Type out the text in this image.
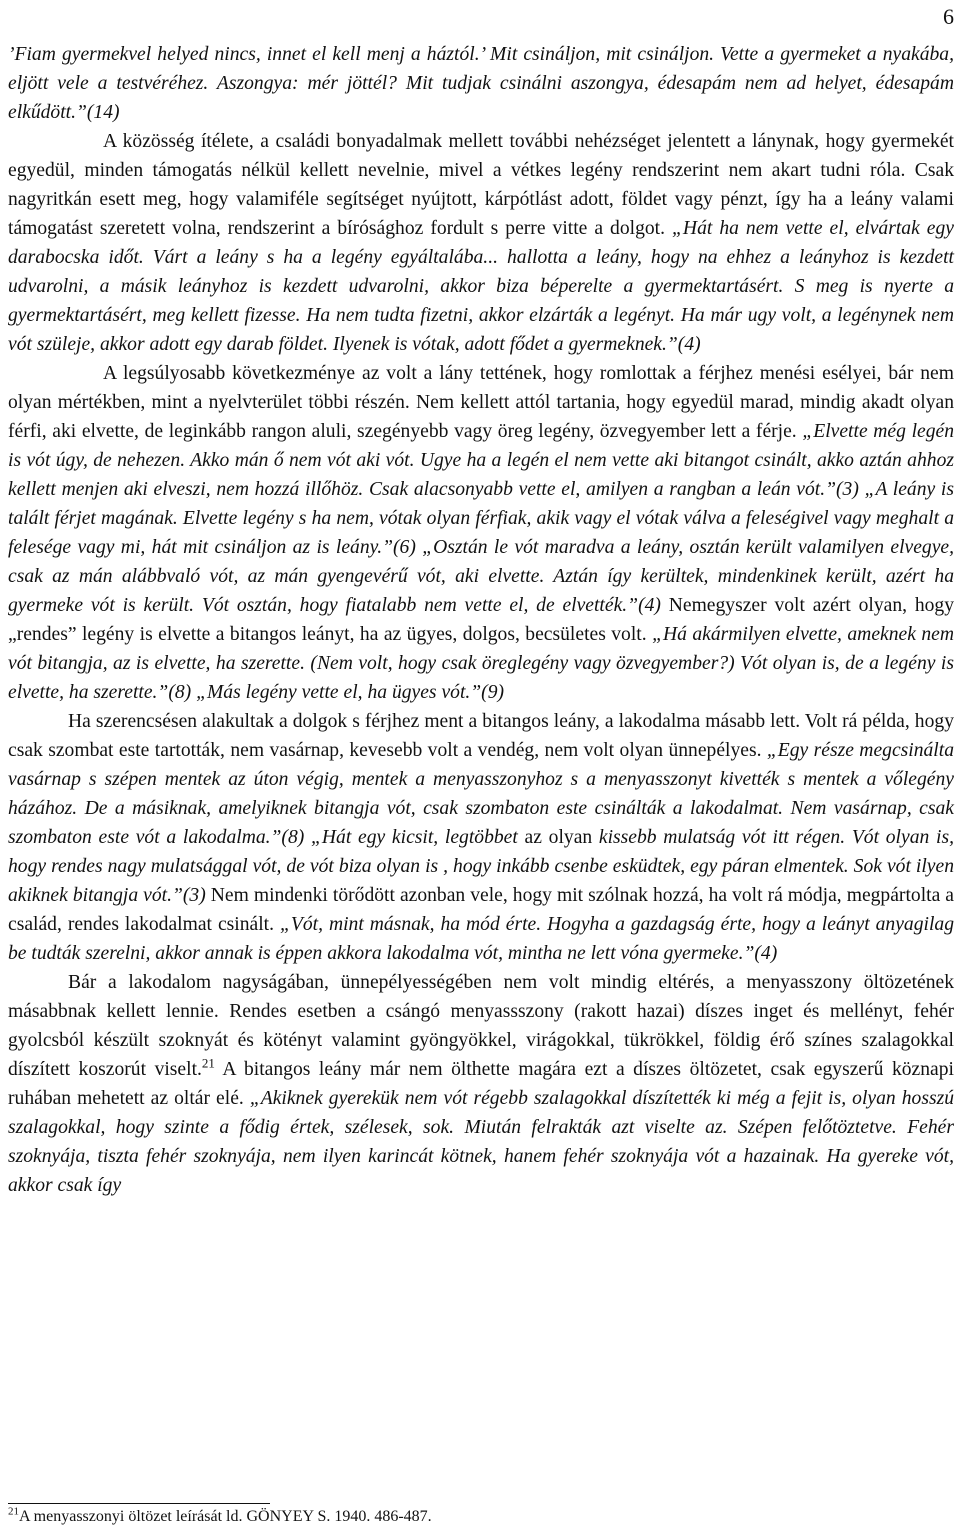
6

’Fiam gyermekvel helyed nincs, innet el kell menj a háztól.’ Mit csináljon, mit csináljon. Vette a gyermeket a nyakába, eljött vele a testvéréhez. Aszongya: mér jöttél? Mit tudjak csinálni aszongya, édesapám nem ad helyet, édesapám elkűdött.”(14)

A közösség ítélete, a családi bonyadalmak mellett további nehézséget jelentett a lánynak, hogy gyermekét egyedül, minden támogatás nélkül kellett nevelnie, mivel a vétkes legény rendszerint nem akart tudni róla. Csak nagyritkán esett meg, hogy valamiféle segítséget nyújtott, kárpótlást adott, földet vagy pénzt, így ha a leány valami támogatást szeretett volna, rendszerint a bírósághoz fordult s perre vitte a dolgot. „Hát ha nem vette el, elvártak egy darabocska időt. Várt a leány s ha a legény egyáltalába... hallotta a leány, hogy na ehhez a leányhoz is kezdett udvarolni, a másik leányhoz is kezdett udvarolni, akkor biza béperelte a gyermektartásért. S meg is nyerte a gyermektartásért, meg kellett fizesse. Ha nem tudta fizetni, akkor elzárták a legényt. Ha már ugy volt, a legénynek nem vót szüleje, akkor adott egy darab földet. Ilyenek is vótak, adott fődet a gyermeknek.”(4)

A legsúlyosabb következménye az volt a lány tettének, hogy romlottak a férjhez menési esélyei, bár nem olyan mértékben, mint a nyelvterület többi részén. Nem kellett attól tartania, hogy egyedül marad, mindig akadt olyan férfi, aki elvette, de leginkább rangon aluli, szegényebb vagy öreg legény, özvegyember lett a férje. „Elvette még legén is vót úgy, de nehezen. Akko mán ő nem vót aki vót. Ugye ha a legén el nem vette aki bitangot csinált, akko aztán ahhoz kellett menjen aki elveszi, nem hozzá illőhöz. Csak alacsonyabb vette el, amilyen a rangban a leán vót.”(3) „A leány is talált férjet magának. Elvette legény s ha nem, vótak olyan férfiak, akik vagy el vótak válva a feleségivel vagy meghalt a felesége vagy mi, hát mit csináljon az is leány.”(6) „Osztán le vót maradva a leány, osztán került valamilyen elvegye, csak az mán alábbvaló vót, az mán gyengevérű vót, aki elvette. Aztán így kerültek, mindenkinek került, azért ha gyermeke vót is került. Vót osztán, hogy fiatalabb nem vette el, de elvették.”(4) Nemegyszer volt azért olyan, hogy „rendes” legény is elvette a bitangos leányt, ha az ügyes, dolgos, becsületes volt. „Há akármilyen elvette, ameknek nem vót bitangja, az is elvette, ha szerette. (Nem volt, hogy csak öreglegény vagy özvegyember?) Vót olyan is, de a legény is elvette, ha szerette.”(8) „Más legény vette el, ha ügyes vót.”(9)

Ha szerencsésen alakultak a dolgok s férjhez ment a bitangos leány, a lakodalma másabb lett. Volt rá példa, hogy csak szombat este tartották, nem vasárnap, kevesebb volt a vendég, nem volt olyan ünnepélyes. „Egy része megcsinálta vasárnap s szépen mentek az úton végig, mentek a menyasszonyhoz s a menyasszonyt kivették s mentek a vőlegény házához. De a másiknak, amelyiknek bitangja vót, csak szombaton este csinálták a lakodalmat. Nem vasárnap, csak szombaton este vót a lakodalma.”(8) „Hát egy kicsit, legtöbbet az olyan kissebb mulatság vót itt régen. Vót olyan is, hogy rendes nagy mulatsággal vót, de vót biza olyan is , hogy inkább csenbe esküdtek, egy páran elmentek. Sok vót ilyen akiknek bitangja vót.”(3) Nem mindenki törődött azonban vele, hogy mit szólnak hozzá, ha volt rá módja, megpártolta a család, rendes lakodalmat csinált. „Vót, mint másnak, ha mód érte. Hogyha a gazdagság érte, hogy a leányt anyagilag be tudták szerelni, akkor annak is éppen akkora lakodalma vót, mintha ne lett vóna gyermeke.”(4)

Bár a lakodalom nagyságában, ünnepélyességében nem volt mindig eltérés, a menyasszony öltözetének másabbnak kellett lennie. Rendes esetben a csángó menyassszony (rakott hazai) díszes inget és mellényt, fehér gyolcsból készült szoknyát és kötényt valamint gyöngyökkel, virágokkal, tükrökkel, földig érő színes szalagokkal díszített koszorút viselt.$^{21}$ A bitangos leány már nem ölthette magára ezt a díszes öltözetet, csak egyszerű köznapi ruhában mehetett az oltár elé. „Akiknek gyerekük nem vót régebb szalagokkal díszítették ki még a fejit is, olyan hosszú szalagokkal, hogy szinte a fődig értek, szélesek, sok. Miután felrakták azt viselte az. Szépen felőtöztetve. Fehér szoknyája, tiszta fehér szoknyája, nem ilyen karincát kötnek, hanem fehér szoknyája vót a hazainak. Ha gyereke vót, akkor csak így

$^{21}$A menyasszonyi öltözet leírását ld. GÖNYEY S. 1940. 486-487.
